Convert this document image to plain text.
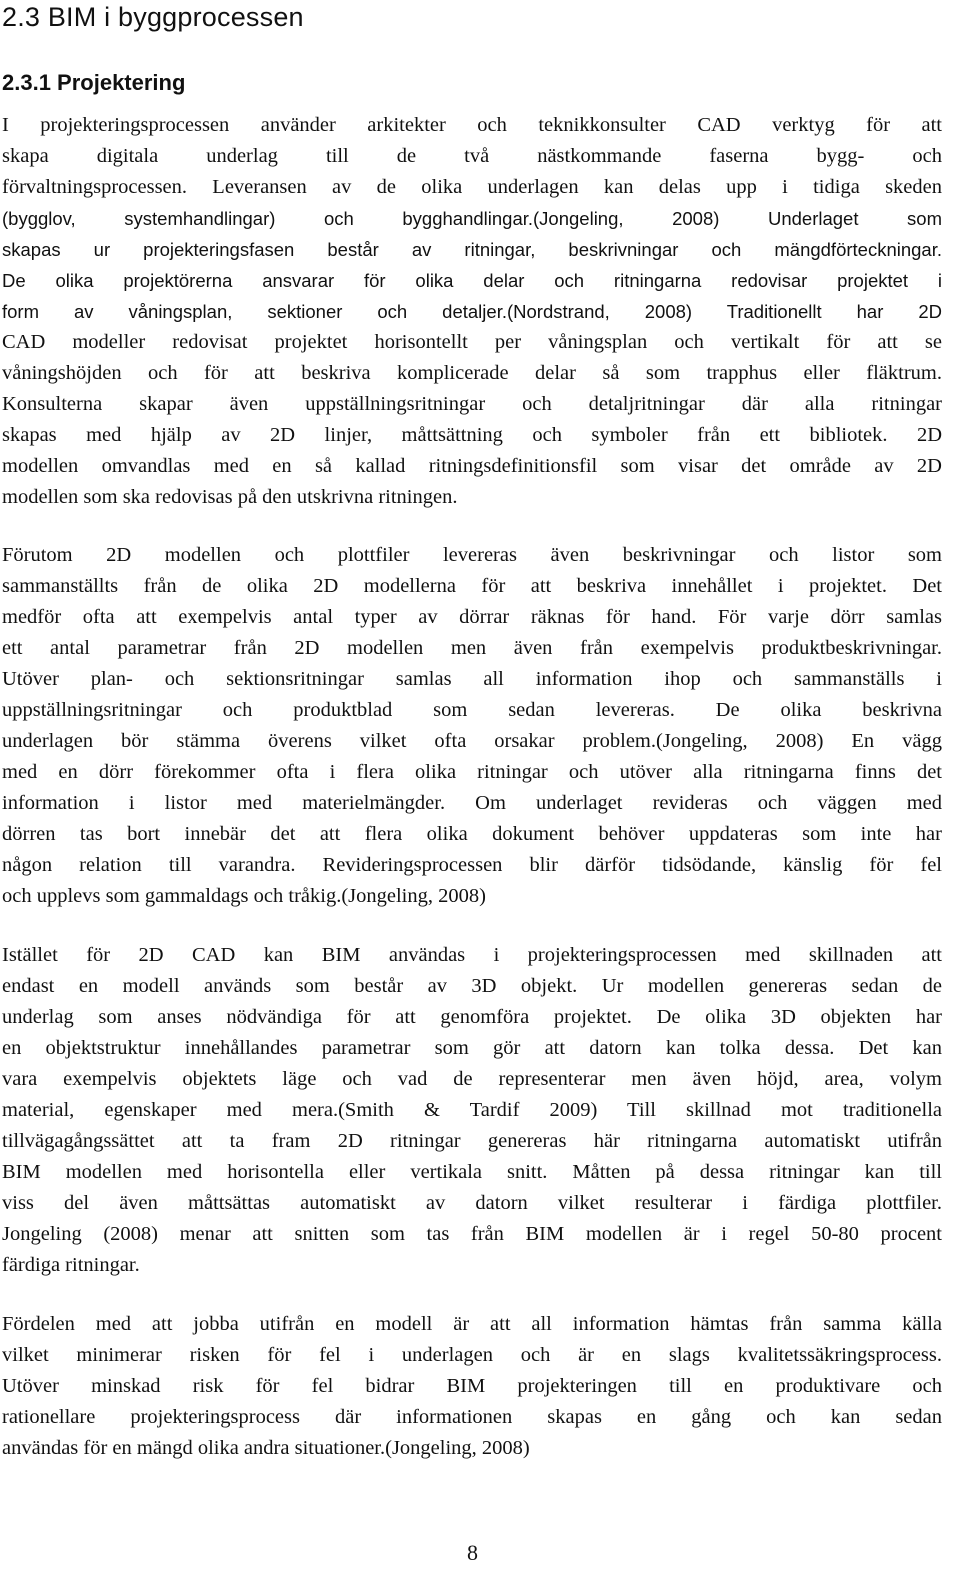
2.3 BIM i byggprocessen
2.3.1 Projektering
I projekteringsprocessen använder arkitekter och teknikkonsulter CAD verktyg för att
skapa digitala underlag till de två nästkommande faserna bygg- och
förvaltningsprocessen. Leveransen av de olika underlagen kan delas upp i tidiga skeden
(bygglov, systemhandlingar) och bygghandlingar.(Jongeling, 2008) Underlaget som
skapas ur projekteringsfasen består av ritningar, beskrivningar och mängdförteckningar.
De olika projektörerna ansvarar för olika delar och ritningarna redovisar projektet i
form av våningsplan, sektioner och detaljer.(Nordstrand, 2008) Traditionellt har 2D
CAD modeller redovisat projektet horisontellt per våningsplan och vertikalt för att se
våningshöjden och för att beskriva komplicerade delar så som trapphus eller fläktrum.
Konsulterna skapar även uppställningsritningar och detaljritningar där alla ritningar
skapas med hjälp av 2D linjer, måttsättning och symboler från ett bibliotek. 2D
modellen omvandlas med en så kallad ritningsdefinitionsfil som visar det område av 2D
modellen som ska redovisas på den utskrivna ritningen.
Förutom 2D modellen och plottfiler levereras även beskrivningar och listor som
sammanställts från de olika 2D modellerna för att beskriva innehållet i projektet. Det
medför ofta att exempelvis antal typer av dörrar räknas för hand. För varje dörr samlas
ett antal parametrar från 2D modellen men även från exempelvis produktbeskrivningar.
Utöver plan- och sektionsritningar samlas all information ihop och sammanställs i
uppställningsritningar och produktblad som sedan levereras. De olika beskrivna
underlagen bör stämma överens vilket ofta orsakar problem.(Jongeling, 2008) En vägg
med en dörr förekommer ofta i flera olika ritningar och utöver alla ritningarna finns det
information i listor med materielmängder. Om underlaget revideras och väggen med
dörren tas bort innebär det att flera olika dokument behöver uppdateras som inte har
någon relation till varandra. Revideringsprocessen blir därför tidsödande, känslig för fel
och upplevs som gammaldags och tråkig.(Jongeling, 2008)
Istället för 2D CAD kan BIM användas i projekteringsprocessen med skillnaden att
endast en modell används som består av 3D objekt. Ur modellen genereras sedan de
underlag som anses nödvändiga för att genomföra projektet. De olika 3D objekten har
en objektstruktur innehållandes parametrar som gör att datorn kan tolka dessa. Det kan
vara exempelvis objektets läge och vad de representerar men även höjd, area, volym
material, egenskaper med mera.(Smith & Tardif 2009) Till skillnad mot traditionella
tillvägagångssättet att ta fram 2D ritningar genereras här ritningarna automatiskt utifrån
BIM modellen med horisontella eller vertikala snitt. Måtten på dessa ritningar kan till
viss del även måttsättas automatiskt av datorn vilket resulterar i färdiga plottfiler.
Jongeling (2008) menar att snitten som tas från BIM modellen är i regel 50-80 procent
färdiga ritningar.
Fördelen med att jobba utifrån en modell är att all information hämtas från samma källa
vilket minimerar risken för fel i underlagen och är en slags kvalitetssäkringsprocess.
Utöver minskad risk för fel bidrar BIM projekteringen till en produktivare och
rationellare projekteringsprocess där informationen skapas en gång och kan sedan
användas för en mängd olika andra situationer.(Jongeling, 2008)
8
